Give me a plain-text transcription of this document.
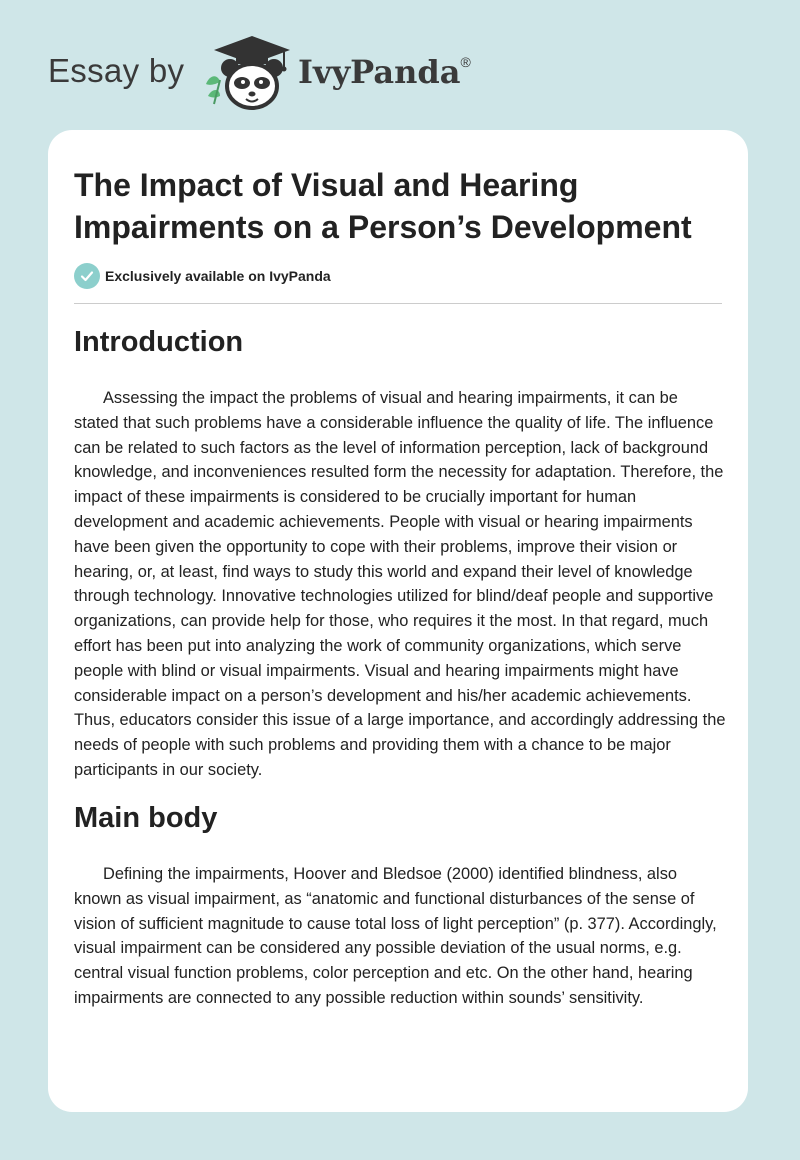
Essay by	IvyPanda®
The Impact of Visual and Hearing Impairments on a Person’s Development
Exclusively available on IvyPanda
Introduction

Assessing the impact the problems of visual and hearing impairments, it can be stated that such problems have a considerable influence the quality of life. The influence can be related to such factors as the level of information perception, lack of background knowledge, and inconveniences resulted form the necessity for adaptation. Therefore, the impact of these impairments is considered to be crucially important for human development and academic achievements. People with visual or hearing impairments have been given the opportunity to cope with their problems, improve their vision or hearing, or, at least, find ways to study this world and expand their level of knowledge through technology. Innovative technologies utilized for blind/deaf people and supportive organizations, can provide help for those, who requires it the most. In that regard, much effort has been put into analyzing the work of community organizations, which serve people with blind or visual impairments. Visual and hearing impairments might have considerable impact on a person’s development and his/her academic achievements. Thus, educators consider this issue of a large importance, and accordingly addressing the needs of people with such problems and providing them with a chance to be major participants in our society.

Main body

Defining the impairments, Hoover and Bledsoe (2000) identified blindness, also known as visual impairment, as “anatomic and functional disturbances of the sense of vision of sufficient magnitude to cause total loss of light perception” (p. 377). Accordingly, visual impairment can be considered any possible deviation of the usual norms, e.g. central visual function problems, color perception and etc. On the other hand, hearing impairments are connected to any possible reduction within sounds’ sensitivity.
